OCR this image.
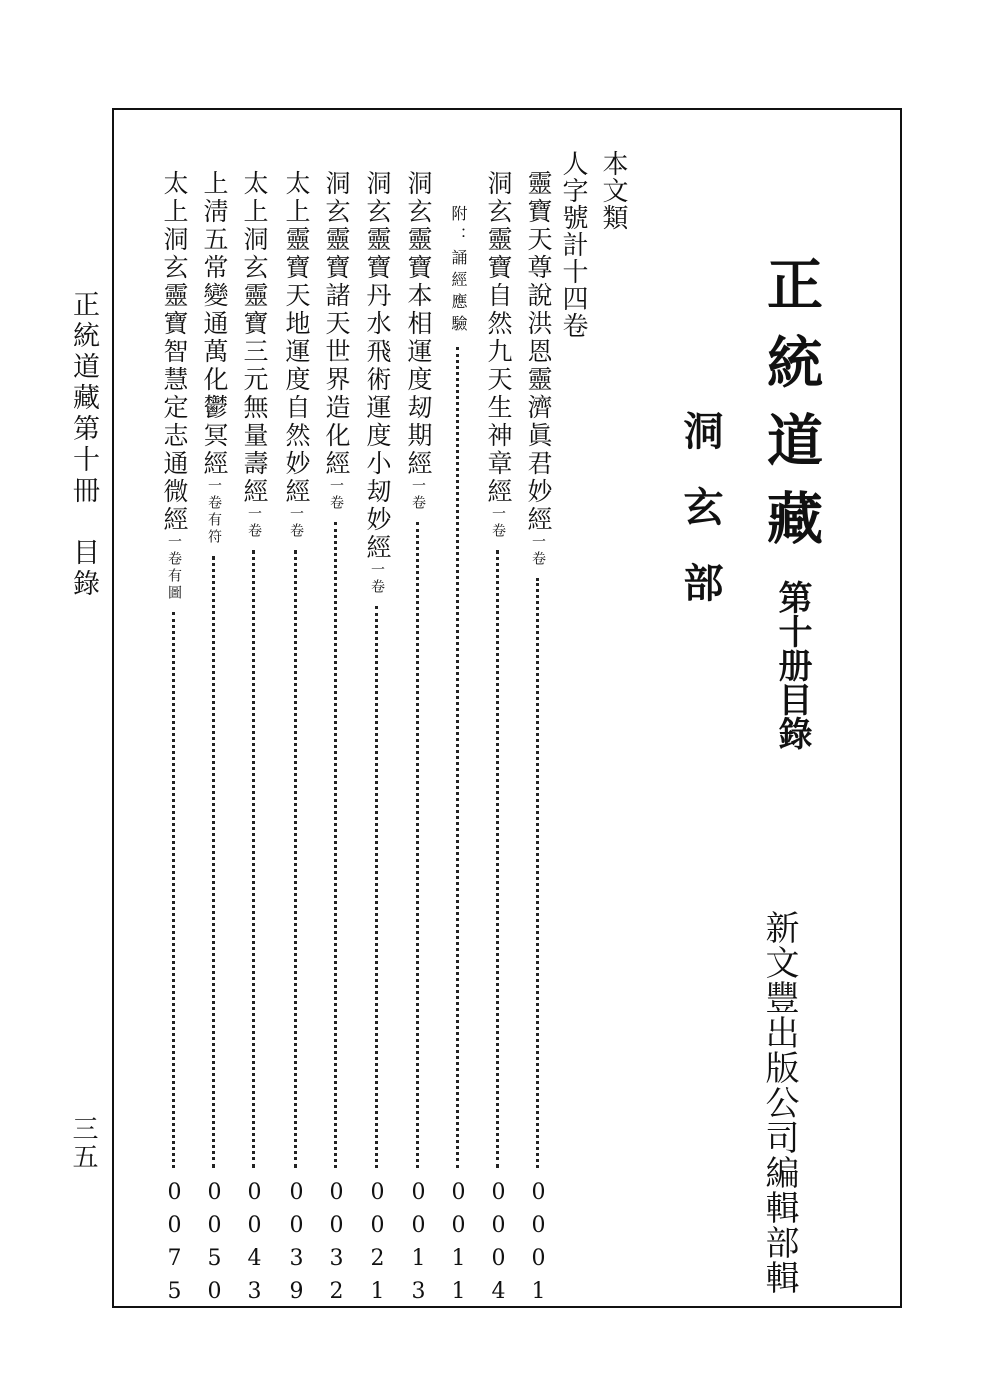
正統道藏第十冊　目錄
三五
正統道藏
第十册目錄
洞玄部
新文豐出版公司編輯部輯
本文類
人字號計十四卷
靈寶天尊說洪恩靈濟眞君妙經一卷
0001
洞玄靈寶自然九天生神章經一卷
0004
附：誦經應驗
0011
洞玄靈寶本相運度刼期經一卷
0013
洞玄靈寶丹水飛術運度小刼妙經一卷
0021
洞玄靈寶諸天世界造化經一卷
0032
太上靈寶天地運度自然妙經一卷
0039
太上洞玄靈寶三元無量壽經一卷
0043
上淸五常變通萬化鬱冥經一卷有符
0050
太上洞玄靈寶智慧定志通微經一卷有圖
0075
